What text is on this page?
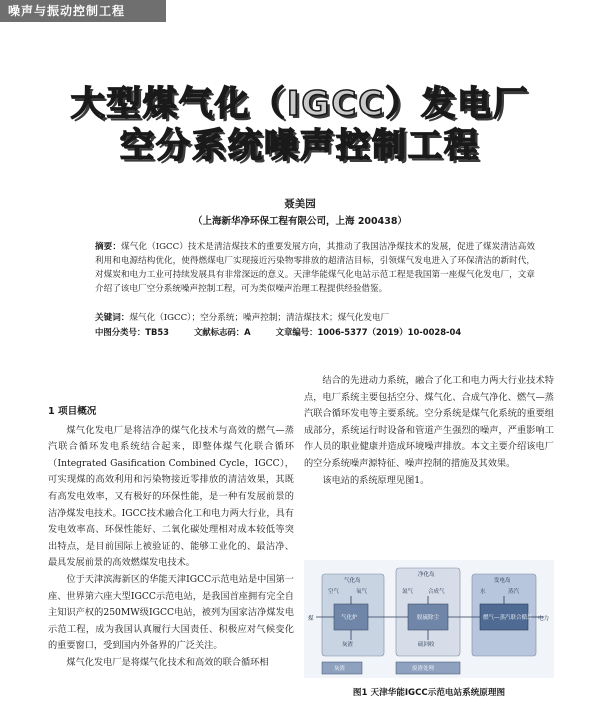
噪声与振动控制工程
大型煤气化（IGCC）发电厂
空分系统噪声控制工程
聂美园
（上海新华净环保工程有限公司，上海 200438）
摘要：煤气化（IGCC）技术是清洁煤技术的重要发展方向，其推动了我国洁净煤技术的发展，促进了煤炭清洁高效利用和电源结构优化，使得燃煤电厂实现接近污染物零排放的超清洁目标，引领煤气发电进入了环保清洁的新时代，对煤炭和电力工业可持续发展具有非常深远的意义。天津华能煤气化电站示范工程是我国第一座煤气化发电厂，文章介绍了该电厂空分系统噪声控制工程，可为类似噪声治理工程提供经验借鉴。
关键词：煤气化（IGCC）；空分系统；噪声控制；清洁煤技术；煤气化发电厂
中图分类号：TB53	文献标志码：A	文章编号：1006-5377（2019）10-0028-04
1 项目概况

煤气化发电厂是将洁净的煤气化技术与高效的燃气—蒸汽联合循环发电系统结合起来，即整体煤气化联合循环（Integrated Gasification Combined Cycle，IGCC），可实现煤的高效利用和污染物接近零排放的清洁效果，其既有高发电效率，又有极好的环保性能，是一种有发展前景的洁净煤发电技术。IGCC技术融合化工和电力两大行业，具有发电效率高、环保性能好、二氧化碳处理相对成本较低等突出特点，是目前国际上被验证的、能够工业化的、最洁净、最具发展前景的高效燃煤发电技术。

位于天津滨海新区的华能天津IGCC示范电站是中国第一座、世界第六座大型IGCC示范电站，是我国首座拥有完全自主知识产权的250MW级IGCC电站，被列为国家洁净煤发电示范工程，成为我国认真履行大国责任、积极应对气候变化的重要窗口，受到国内外备界的广泛关注。

煤气化发电厂是将煤气化技术和高效的联合循环相

结合的先进动力系统，融合了化工和电力两大行业技术特点，电厂系统主要包括空分、煤气化、合成气净化、燃气—蒸汽联合循环发电等主要系统。空分系统是煤气化系统的重要组成部分，系统运行时设备和管道产生强烈的噪声，严重影响工作人员的职业健康并造成环境噪声排放。本文主要介绍该电厂的空分系统噪声源特征、噪声控制的措施及其效果。

该电站的系统原理见图1。

气化岛
净化岛
发电岛
气化炉	脱硫除尘	燃气—蒸汽联合循环
空气	氧气	氮气	合成气	水	蒸汽
煤	电力
灰渣	硫回收
废渣处理
灰渣
图1 天津华能IGCC示范电站系统原理图
